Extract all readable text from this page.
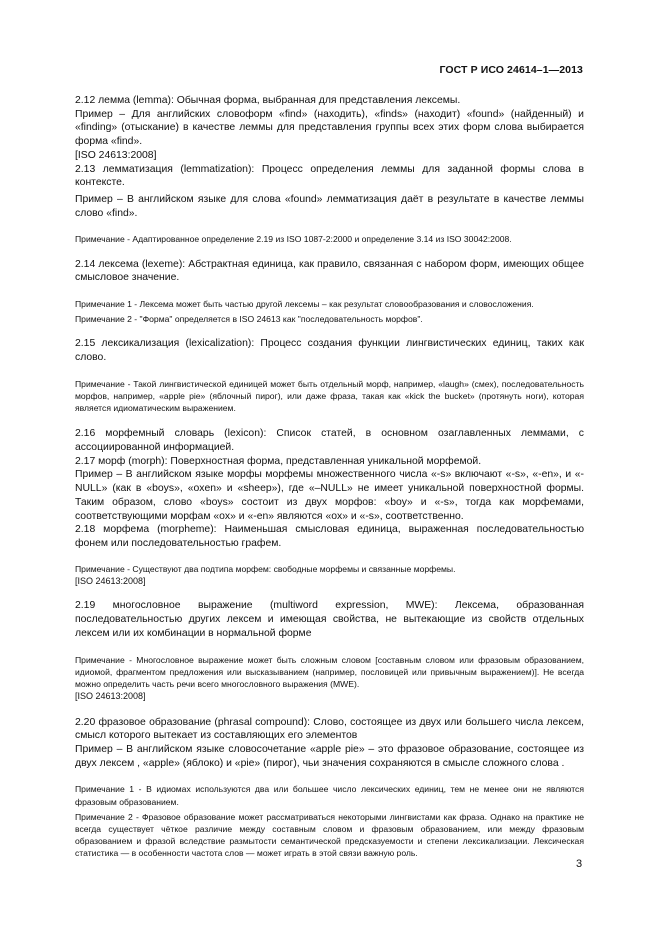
ГОСТ Р ИСО 24614–1—2013

2.12 лемма (lemma): Обычная форма, выбранная для представления лексемы.

Пример – Для английских словоформ «find» (находить), «finds» (находит) «found» (найденный) и «finding» (отыскание) в качестве леммы для представления группы всех этих форм слова выбирается форма «find».

[ISO 24613:2008]

2.13 лемматизация (lemmatization): Процесс определения леммы для заданной формы слова в контексте.

Пример – В английском языке для слова «found» лемматизация даёт в результате в качестве леммы слово «find».

Примечание - Адаптированное определение 2.19 из ISO 1087-2:2000 и определение 3.14 из ISO 30042:2008.

2.14 лексема (lexeme): Абстрактная единица, как правило, связанная с набором форм, имеющих общее смысловое значение.

Примечание 1 - Лексема может быть частью другой лексемы – как результат словообразования и словосложения.

Примечание 2 - "Форма" определяется в ISO 24613 как "последовательность морфов".

2.15 лексикализация (lexicalization): Процесс создания функции лингвистических единиц, таких как слово.

Примечание - Такой лингвистической единицей может быть отдельный морф, например, «laugh» (смех), последовательность морфов, например, «apple pie» (яблочный пирог), или даже фраза, такая как «kick the bucket» (протянуть ноги), которая является идиоматическим выражением.

2.16 морфемный словарь (lexicon): Список статей, в основном озаглавленных леммами, с ассоциированной информацией.

2.17 морф (morph): Поверхностная форма, представленная уникальной морфемой.

Пример – В английском языке морфы морфемы множественного числа «-s» включают «-s», «-en», и «-NULL» (как в «boys», «oxen» и «sheep»), где «–NULL» не имеет уникальной поверхностной формы. Таким образом, слово «boys» состоит из двух морфов: «boy» и «-s», тогда как морфемами, соответствующими морфам «ox» и «-en» являются «ox» и «-s», соответственно.

2.18 морфема (morpheme): Наименьшая смысловая единица, выраженная последовательностью фонем или последовательностью графем.

Примечание - Существуют два подтипа морфем: свободные морфемы и связанные морфемы.

[ISO 24613:2008]

2.19 многословное выражение (multiword expression, MWE): Лексема, образованная последовательностью других лексем и имеющая свойства, не вытекающие из свойств отдельных лексем или их комбинации в нормальной форме

Примечание - Многословное выражение может быть сложным словом [составным словом или фразовым образованием, идиомой, фрагментом предложения или высказыванием (например, пословицей или привычным выражением)]. Не всегда можно определить часть речи всего многословного выражения (MWE).

[ISO 24613:2008]

2.20 фразовое образование (phrasal compound): Слово, состоящее из двух или большего числа лексем, смысл которого вытекает из составляющих его элементов

Пример – В английском языке словосочетание «apple pie» – это фразовое образование, состоящее из двух лексем , «apple» (яблоко) и «pie» (пирог), чьи значения сохраняются в смысле сложного слова .

Примечание 1 - В идиомах используются два или большее число лексических единиц, тем не менее они не являются фразовым образованием.

Примечание 2 - Фразовое образование может рассматриваться некоторыми лингвистами как фраза. Однако на практике не всегда существует чёткое различие между составным словом и фразовым образованием, или между фразовым образованием и фразой вследствие размытости семантической предсказуемости и степени лексикализации. Лексическая статистика — в особенности частота слов — может играть в этой связи важную роль.

3
